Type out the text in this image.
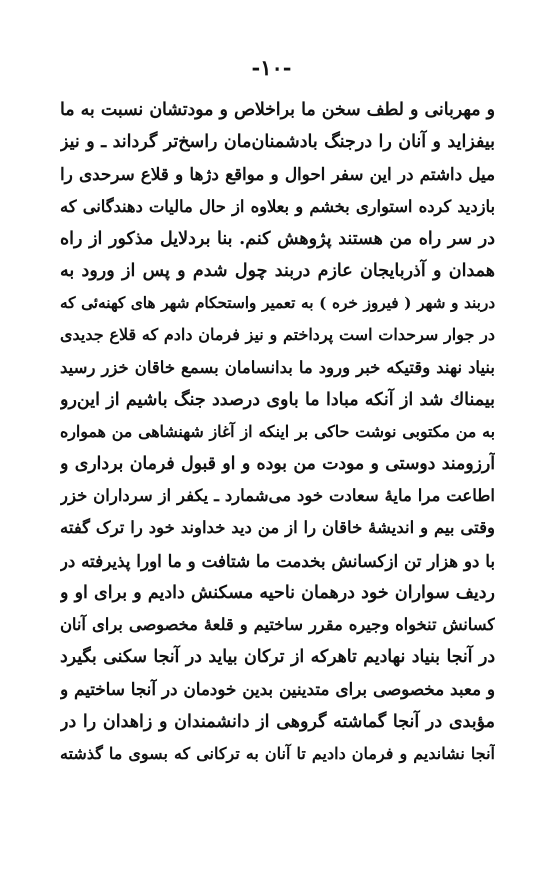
-۱۰-
و مهربانی و لطف سخن ما براخلاص و مودتشان نسبت به ما
بیفزاید و آنان را درجنگ بادشمنان‌مان راسخ‌تر گرداند ـ و نیز
میل داشتم در این سفر احوال و مواقع دژها و قلاع سرحدی را
بازدید کرده استواری بخشم و بعلاوه از حال مالیات دهندگانی که
در سر راه من هستند پژوهش کنم. بنا بردلایل مذکور از راه
همدان و آذربایجان عازم دربند چول شدم و پس از ورود به
دربند و شهر ( فیروز خره ) به تعمیر واستحکام شهر های کهنه‌ئی که
در جوار سرحدات است پرداختم و نیز فرمان دادم که قلاع جدیدی
بنیاد نهند وقتیکه خبر ورود ما بدانسامان بسمع خاقان خزر رسید
بیمناك شد از آنکه مبادا ما باوی درصدد جنگ باشیم از این‌رو
به من مکتوبی نوشت حاکی بر اینکه از آغاز شهنشاهی من همواره
آرزومند دوستی و مودت من بوده و او قبول فرمان برداری و
اطاعت مرا مایهٔ سعادت خود می‌شمارد ـ یکفر از سرداران خزر
وقتی بیم و اندیشهٔ خاقان را از من دید خداوند خود را ترک گفته
با دو هزار تن ازکسانش بخدمت ما شتافت و ما اورا پذیرفته در
ردیف سواران خود درهمان ناحیه مسکنش دادیم و برای او و
کسانش تنخواه وجیره مقرر ساختیم و قلعهٔ مخصوصی برای آنان
در آنجا بنیاد نهادیم تاهرکه از ترکان بیاید در آنجا سکنی بگیرد
و معبد مخصوصی برای متدینین بدین خودمان در آنجا ساختیم و
مؤبدی در آنجا گماشته گروهی از دانشمندان و زاهدان را در
آنجا نشاندیم و فرمان دادیم تا آنان به ترکانی که بسوی ما گذشته
